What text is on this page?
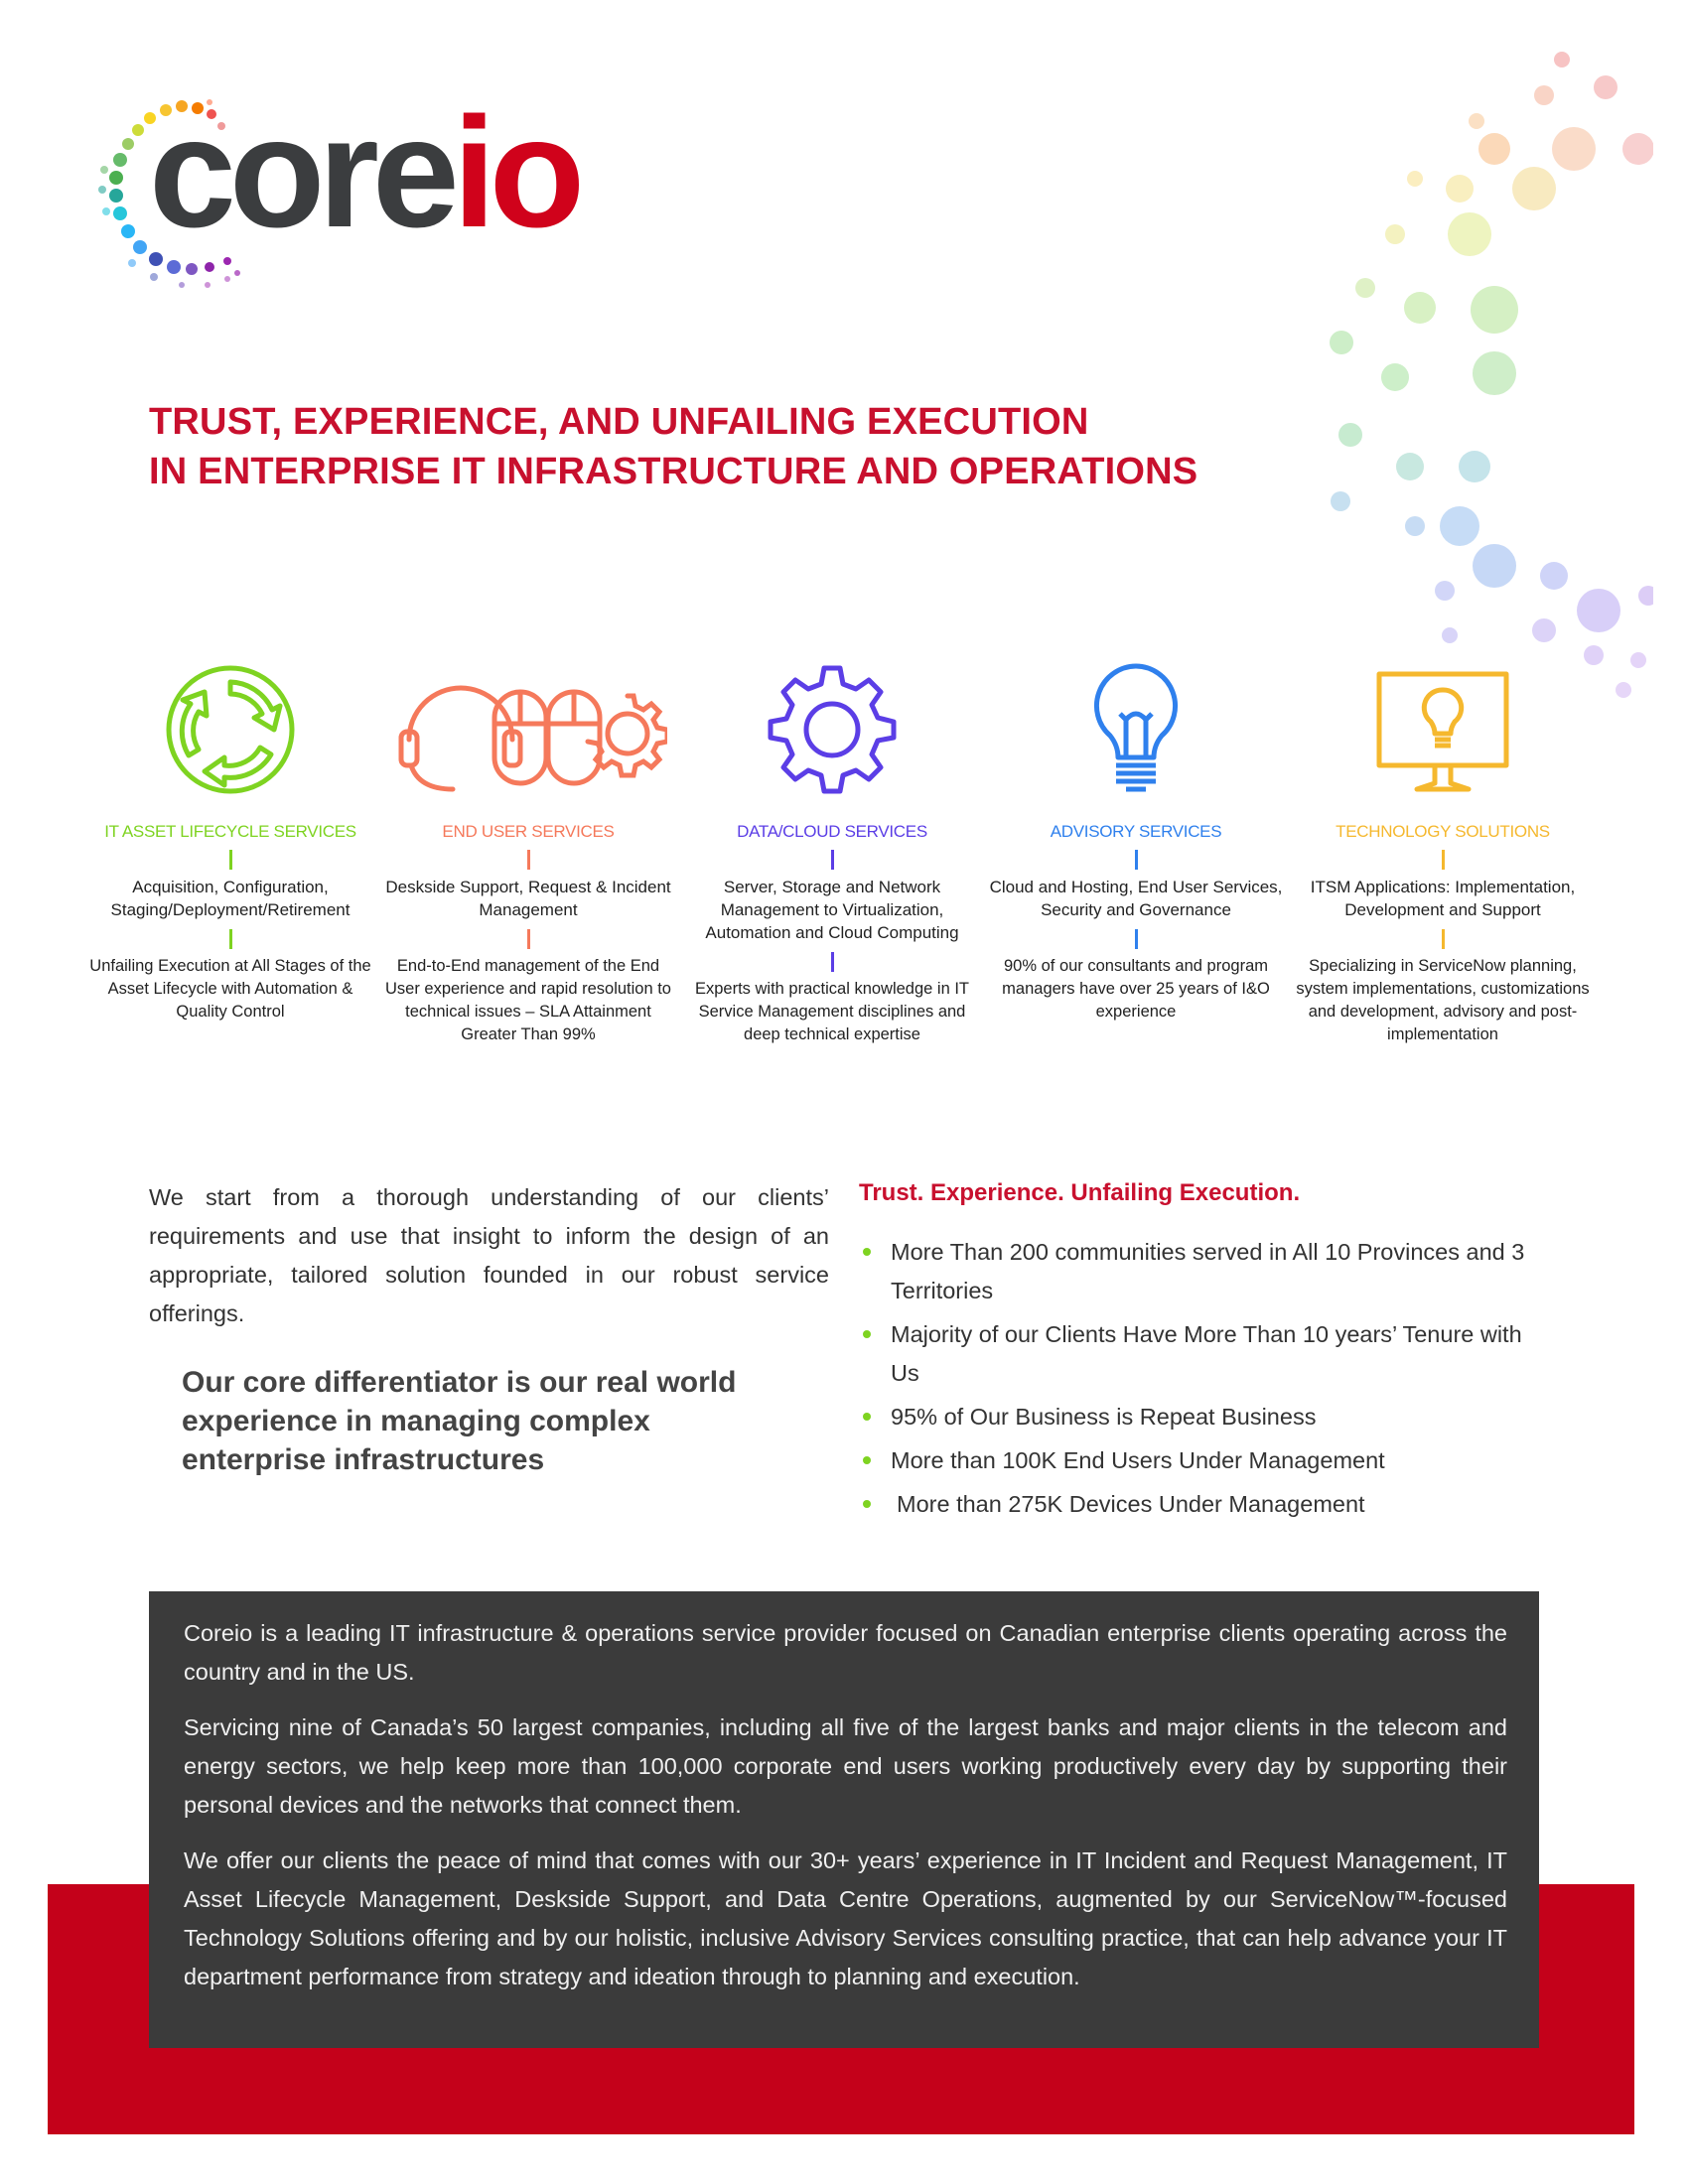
coreio
TRUST, EXPERIENCE, AND UNFAILING EXECUTION
IN ENTERPRISE IT INFRASTRUCTURE AND OPERATIONS
IT ASSET LIFECYCLE SERVICES
Acquisition, Configuration, Staging/Deployment/Retirement
Unfailing Execution at All Stages of the Asset Lifecycle with Automation & Quality Control
END USER SERVICES
Deskside Support, Request & Incident Management
End-to-End management of the End User experience and rapid resolution to technical issues – SLA Attainment Greater Than 99%
DATA/CLOUD SERVICES
Server, Storage and Network Management to Virtualization, Automation and Cloud Computing
Experts with practical knowledge in IT Service Management disciplines and deep technical expertise
ADVISORY SERVICES
Cloud and Hosting, End User Services, Security and Governance
90% of our consultants and program managers have over 25 years of I&O experience
TECHNOLOGY SOLUTIONS
ITSM Applications: Implementation, Development and Support
Specializing in ServiceNow planning, system implementations, customizations and development, advisory and post-implementation
We start from a thorough understanding of our clients’ requirements and use that insight to inform the design of an appropriate, tailored solution founded in our robust service offerings.
Our core differentiator is our real world experience in managing complex enterprise infrastructures
Trust. Experience. Unfailing Execution.
More Than 200 communities served in All 10 Provinces and 3 Territories
Majority of our Clients Have More Than 10 years’ Tenure with Us
95% of Our Business is Repeat Business
More than 100K End Users Under Management
More than 275K Devices Under Management

Coreio is a leading IT infrastructure & operations service provider focused on Canadian enterprise clients operating across the country and in the US.

Servicing nine of Canada’s 50 largest companies, including all five of the largest banks and major clients in the telecom and energy sectors, we help keep more than 100,000 corporate end users working productively every day by supporting their personal devices and the networks that connect them.

We offer our clients the peace of mind that comes with our 30+ years’ experience in IT Incident and Request Management, IT Asset Lifecycle Management, Deskside Support, and Data Centre Operations, augmented by our ServiceNow™-focused Technology Solutions offering and by our holistic, inclusive Advisory Services consulting practice, that can help advance your IT department performance from strategy and ideation through to planning and execution.
